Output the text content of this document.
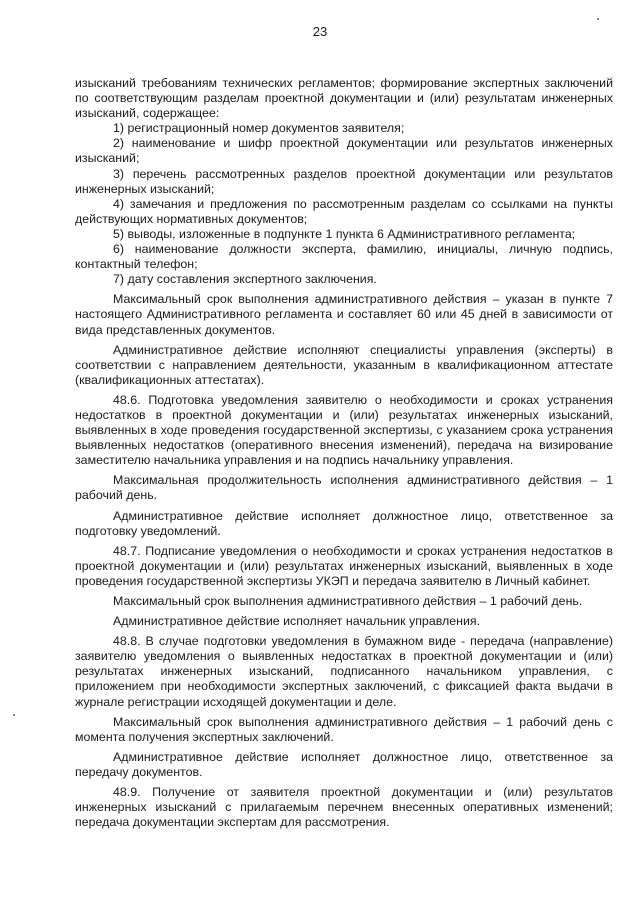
23

изысканий требованиям технических регламентов; формирование экспертных заключений по соответствующим разделам проектной документации и (или) результатам инженерных изысканий, содержащее:

1) регистрационный номер документов заявителя;

2) наименование и шифр проектной документации или результатов инженерных изысканий;

3) перечень рассмотренных разделов проектной документации или результатов инженерных изысканий;

4) замечания и предложения по рассмотренным разделам со ссылками на пункты действующих нормативных документов;

5) выводы, изложенные в подпункте 1 пункта 6 Административного регламента;

6) наименование должности эксперта, фамилию, инициалы, личную подпись, контактный телефон;

7) дату составления экспертного заключения.

Максимальный срок выполнения административного действия – указан в пункте 7 настоящего Административного регламента и составляет 60 или 45 дней в зависимости от вида представленных документов.

Административное действие исполняют специалисты управления (эксперты) в соответствии с направлением деятельности, указанным в квалификационном аттестате (квалификационных аттестатах).

48.6. Подготовка уведомления заявителю о необходимости и сроках устранения недостатков в проектной документации и (или) результатах инженерных изысканий, выявленных в ходе проведения государственной экспертизы, с указанием срока устранения выявленных недостатков (оперативного внесения изменений), передача на визирование заместителю начальника управления и на подпись начальнику управления.

Максимальная продолжительность исполнения административного действия – 1 рабочий день.

Административное действие исполняет должностное лицо, ответственное за подготовку уведомлений.

48.7. Подписание уведомления о необходимости и сроках устранения недостатков в проектной документации и (или) результатах инженерных изысканий, выявленных в ходе проведения государственной экспертизы УКЭП и передача заявителю в Личный кабинет.

Максимальный срок выполнения административного действия – 1 рабочий день.

Административное действие исполняет начальник управления.

48.8. В случае подготовки уведомления в бумажном виде - передача (направление) заявителю уведомления о выявленных недостатках в проектной документации и (или) результатах инженерных изысканий, подписанного начальником управления, с приложением при необходимости экспертных заключений, с фиксацией факта выдачи в журнале регистрации исходящей документации и деле.

Максимальный срок выполнения административного действия – 1 рабочий день с момента получения экспертных заключений.

Административное действие исполняет должностное лицо, ответственное за передачу документов.

48.9. Получение от заявителя проектной документации и (или) результатов инженерных изысканий с прилагаемым перечнем внесенных оперативных изменений; передача документации экспертам для рассмотрения.
